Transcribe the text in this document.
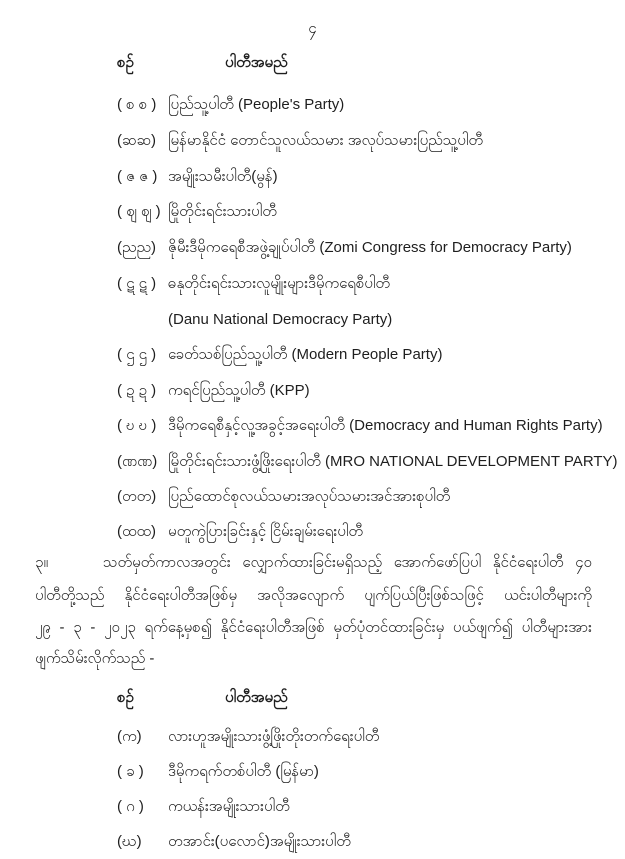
၄
စဉ်	ပါတီအမည်
( စ စ ) ပြည်သူ့ပါတီ (People's Party)
(ဆဆ) မြန်မာနိုင်ငံ တောင်သူလယ်သမား အလုပ်သမားပြည်သူ့ပါတီ
( ဇ ဇ ) အမျိုးသမီးပါတီ(မွန်)
( ဈ ဈ ) မြိုတိုင်းရင်းသားပါတီ
(ညည) ဇိုမီးဒီမိုကရေစီအဖွဲ့ချုပ်ပါတီ (Zomi Congress for Democracy Party)
( ဋ ဋ ) ဓနုတိုင်းရင်းသားလူမျိုးများဒီမိုကရေစီပါတီ
(Danu National Democracy Party)
( ဌ ဌ ) ခေတ်သစ်ပြည်သူ့ပါတီ (Modern People Party)
( ဍ ဍ ) ကရင်ပြည်သူ့ပါတီ (KPP)
( ဎ ဎ ) ဒီမိုကရေစီနှင့်လူ့အခွင့်အရေးပါတီ (Democracy and Human Rights Party)
(ဏဏ) မြိုတိုင်းရင်းသားဖွံ့ဖြိုးရေးပါတီ (MRO NATIONAL DEVELOPMENT PARTY)
(တတ) ပြည်ထောင်စုလယ်သမားအလုပ်သမားအင်အားစုပါတီ
(ထထ) မတူကွဲပြားခြင်းနှင့် ငြိမ်းချမ်းရေးပါတီ
၃။	သတ်မှတ်ကာလအတွင်း လျှောက်ထားခြင်းမရှိသည့် အောက်ဖော်ပြပါ နိုင်ငံရေးပါတီ ၄၀
ပါတီတို့သည် နိုင်ငံရေးပါတီအဖြစ်မှ အလိုအလျောက် ပျက်ပြယ်ပြီးဖြစ်သဖြင့် ယင်းပါတီများကို
၂၉ - ၃ - ၂၀၂၃ ရက်နေ့မှစ၍ နိုင်ငံရေးပါတီအဖြစ် မှတ်ပုံတင်ထားခြင်းမှ ပယ်ဖျက်၍ ပါတီများအား
ဖျက်သိမ်းလိုက်သည် -
စဉ်	ပါတီအမည်
(က)	လားဟူအမျိုးသားဖွံ့ဖြိုးတိုးတက်ရေးပါတီ
( ခ )	ဒီမိုကရက်တစ်ပါတီ (မြန်မာ)
( ဂ )	ကယန်းအမျိုးသားပါတီ
(ဃ)	တအာင်း(ပလောင်)အမျိုးသားပါတီ
